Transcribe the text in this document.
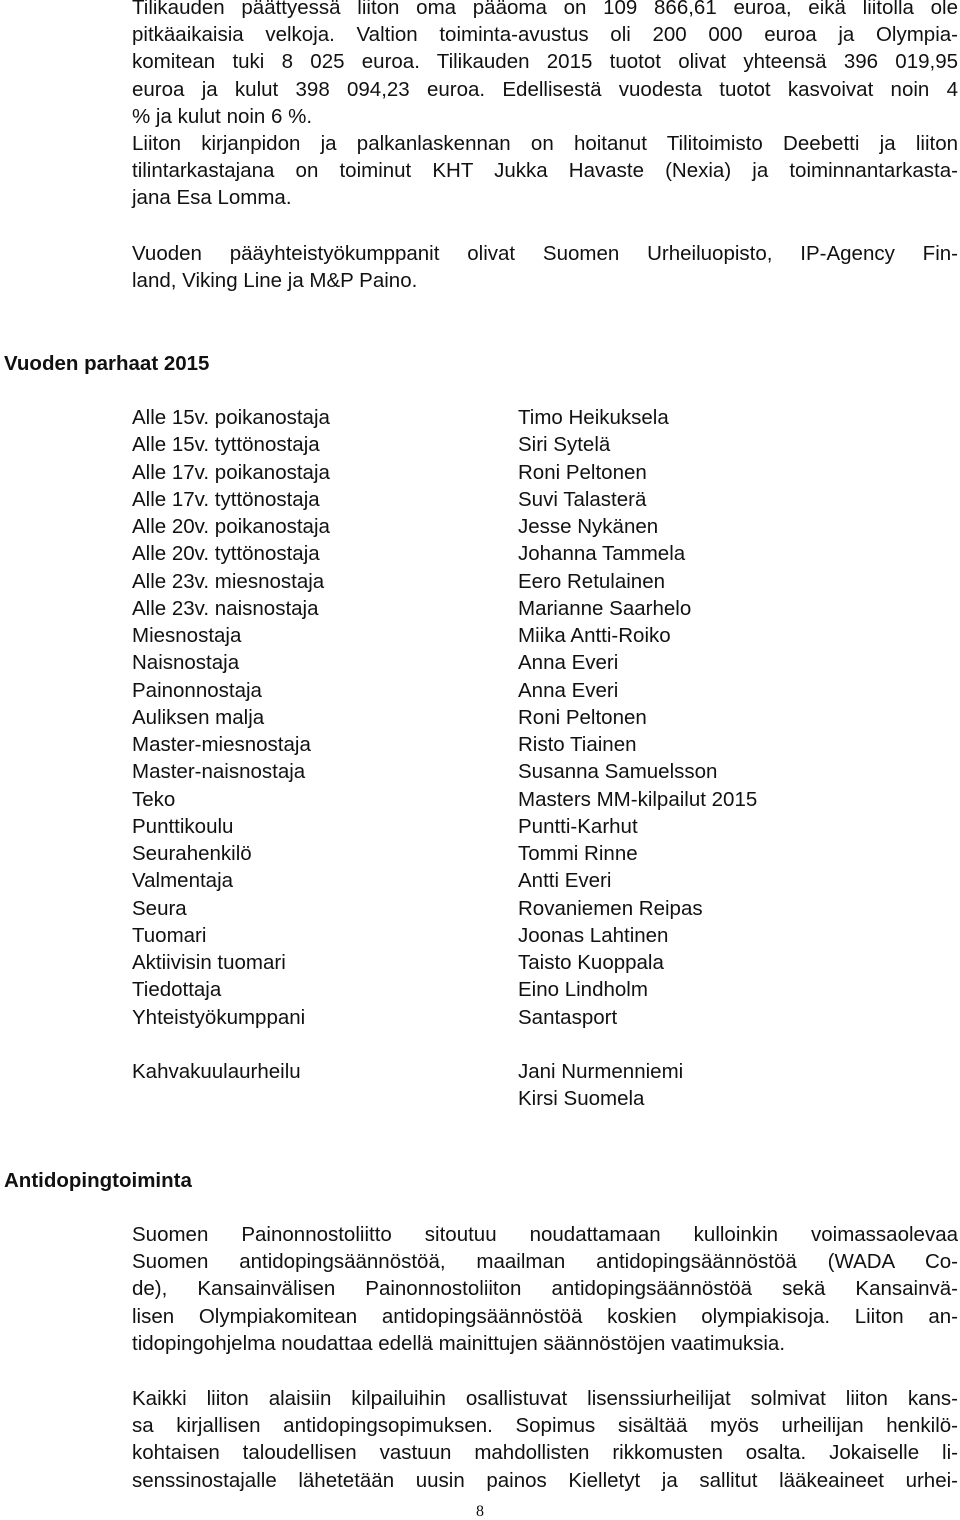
Tilikauden päättyessä liiton oma pääoma on 109 866,61 euroa, eikä liitolla ole
pitkäaikaisia velkoja. Valtion toiminta-avustus oli 200 000 euroa ja Olympia-
komitean tuki 8 025 euroa. Tilikauden 2015 tuotot olivat yhteensä 396 019,95
euroa ja kulut 398 094,23 euroa. Edellisestä vuodesta tuotot kasvoivat noin 4
% ja kulut noin 6 %.
Liiton kirjanpidon ja palkanlaskennan on hoitanut Tilitoimisto Deebetti ja liiton
tilintarkastajana on toiminut KHT Jukka Havaste (Nexia) ja toiminnantarkasta-
jana Esa Lomma.
Vuoden pääyhteistyökumppanit olivat Suomen Urheiluopisto, IP-Agency Fin-
land, Viking Line ja M&P Paino.
Vuoden parhaat 2015
Alle 15v. poikanostaja	Timo Heikuksela
Alle 15v. tyttönostaja	Siri Sytelä
Alle 17v. poikanostaja	Roni Peltonen
Alle 17v. tyttönostaja	Suvi Talasterä
Alle 20v. poikanostaja	Jesse Nykänen
Alle 20v. tyttönostaja	Johanna Tammela
Alle 23v. miesnostaja	Eero Retulainen
Alle 23v. naisnostaja	Marianne Saarhelo
Miesnostaja	Miika Antti-Roiko
Naisnostaja	Anna Everi
Painonnostaja	Anna Everi
Auliksen malja	Roni Peltonen
Master-miesnostaja	Risto Tiainen
Master-naisnostaja	Susanna Samuelsson
Teko	Masters MM-kilpailut 2015
Punttikoulu	Puntti-Karhut
Seurahenkilö	Tommi Rinne
Valmentaja	Antti Everi
Seura	Rovaniemen Reipas
Tuomari	Joonas Lahtinen
Aktiivisin tuomari	Taisto Kuoppala
Tiedottaja	Eino Lindholm
Yhteistyökumppani	Santasport
Kahvakuulaurheilu	Jani Nurmenniemi
Kirsi Suomela
Antidopingtoiminta
Suomen Painonnostoliitto sitoutuu noudattamaan kulloinkin voimassaolevaa
Suomen antidopingsäännöstöä, maailman antidopingsäännöstöä (WADA Co-
de), Kansainvälisen Painonnostoliiton antidopingsäännöstöä sekä Kansainvä-
lisen Olympiakomitean antidopingsäännöstöä koskien olympiakisoja. Liiton an-
tidopingohjelma noudattaa edellä mainittujen säännöstöjen vaatimuksia.
Kaikki liiton alaisiin kilpailuihin osallistuvat lisenssiurheilijat solmivat liiton kans-
sa kirjallisen antidopingsopimuksen. Sopimus sisältää myös urheilijan henkilö-
kohtaisen taloudellisen vastuun mahdollisten rikkomusten osalta. Jokaiselle li-
senssinostajalle lähetetään uusin painos Kielletyt ja sallitut lääkeaineet urhei-
8
